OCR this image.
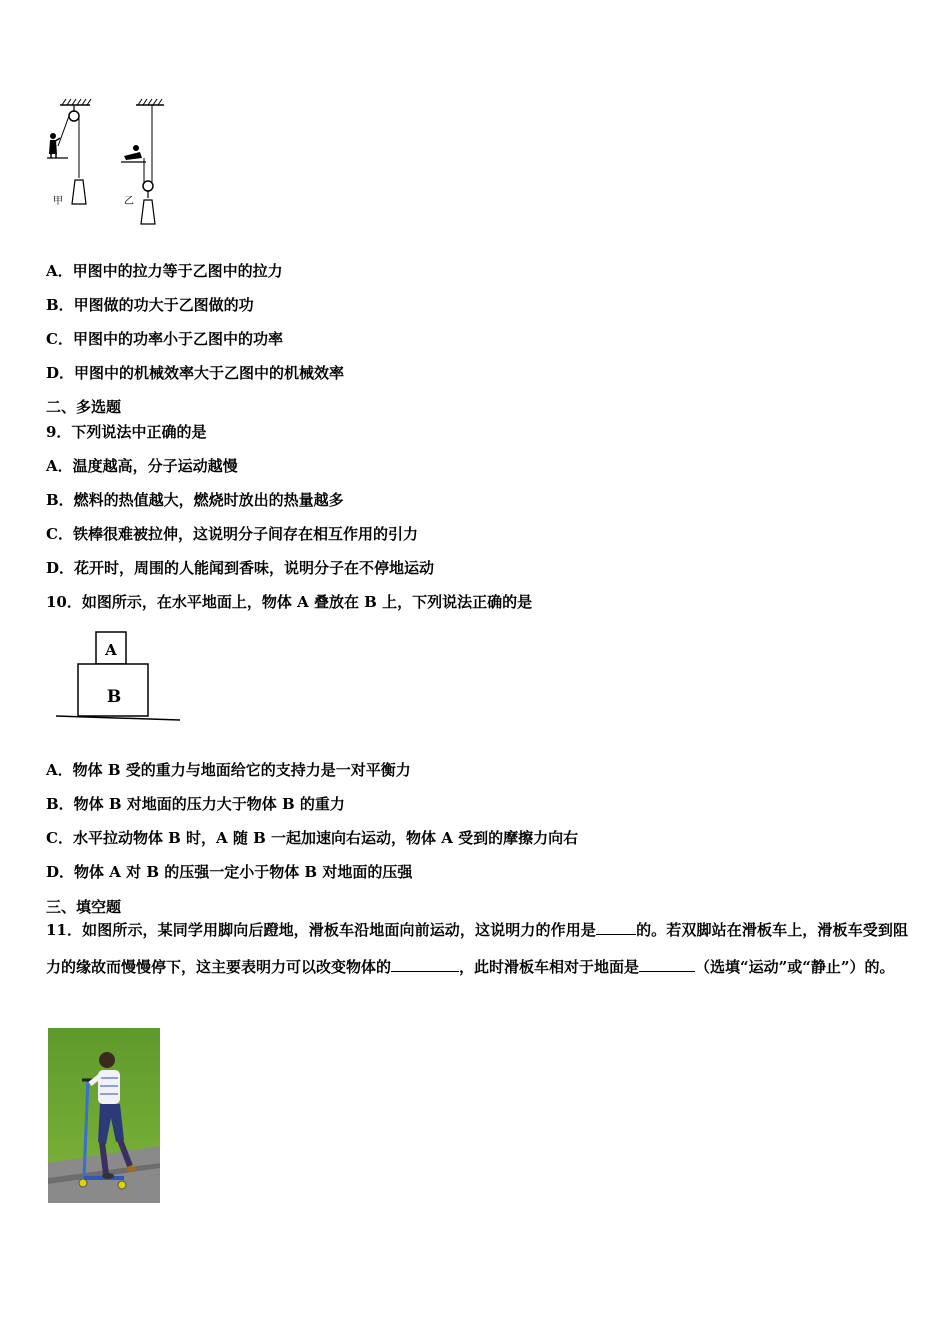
甲	乙
A．甲图中的拉力等于乙图中的拉力
B．甲图做的功大于乙图做的功
C．甲图中的功率小于乙图中的功率
D．甲图中的机械效率大于乙图中的机械效率
二、多选题
9．下列说法中正确的是
A．温度越高，分子运动越慢
B．燃料的热值越大，燃烧时放出的热量越多
C．铁棒很难被拉伸，这说明分子间存在相互作用的引力
D．花开时，周围的人能闻到香味，说明分子在不停地运动
10．如图所示，在水平地面上，物体 A 叠放在 B 上，下列说法正确的是
A
B
A．物体 B 受的重力与地面给它的支持力是一对平衡力
B．物体 B 对地面的压力大于物体 B 的重力
C．水平拉动物体 B 时，A 随 B 一起加速向右运动，物体 A 受到的摩擦力向右
D．物体 A 对 B 的压强一定小于物体 B 对地面的压强
三、填空题
11．如图所示，某同学用脚向后蹬地，滑板车沿地面向前运动，这说明力的作用是	的。若双脚站在滑板车上，滑板车受到阻力的缘故而慢慢停下，这主要表明力可以改变物体的	，此时滑板车相对于地面是	（选填“运动”或“静止”）的。
